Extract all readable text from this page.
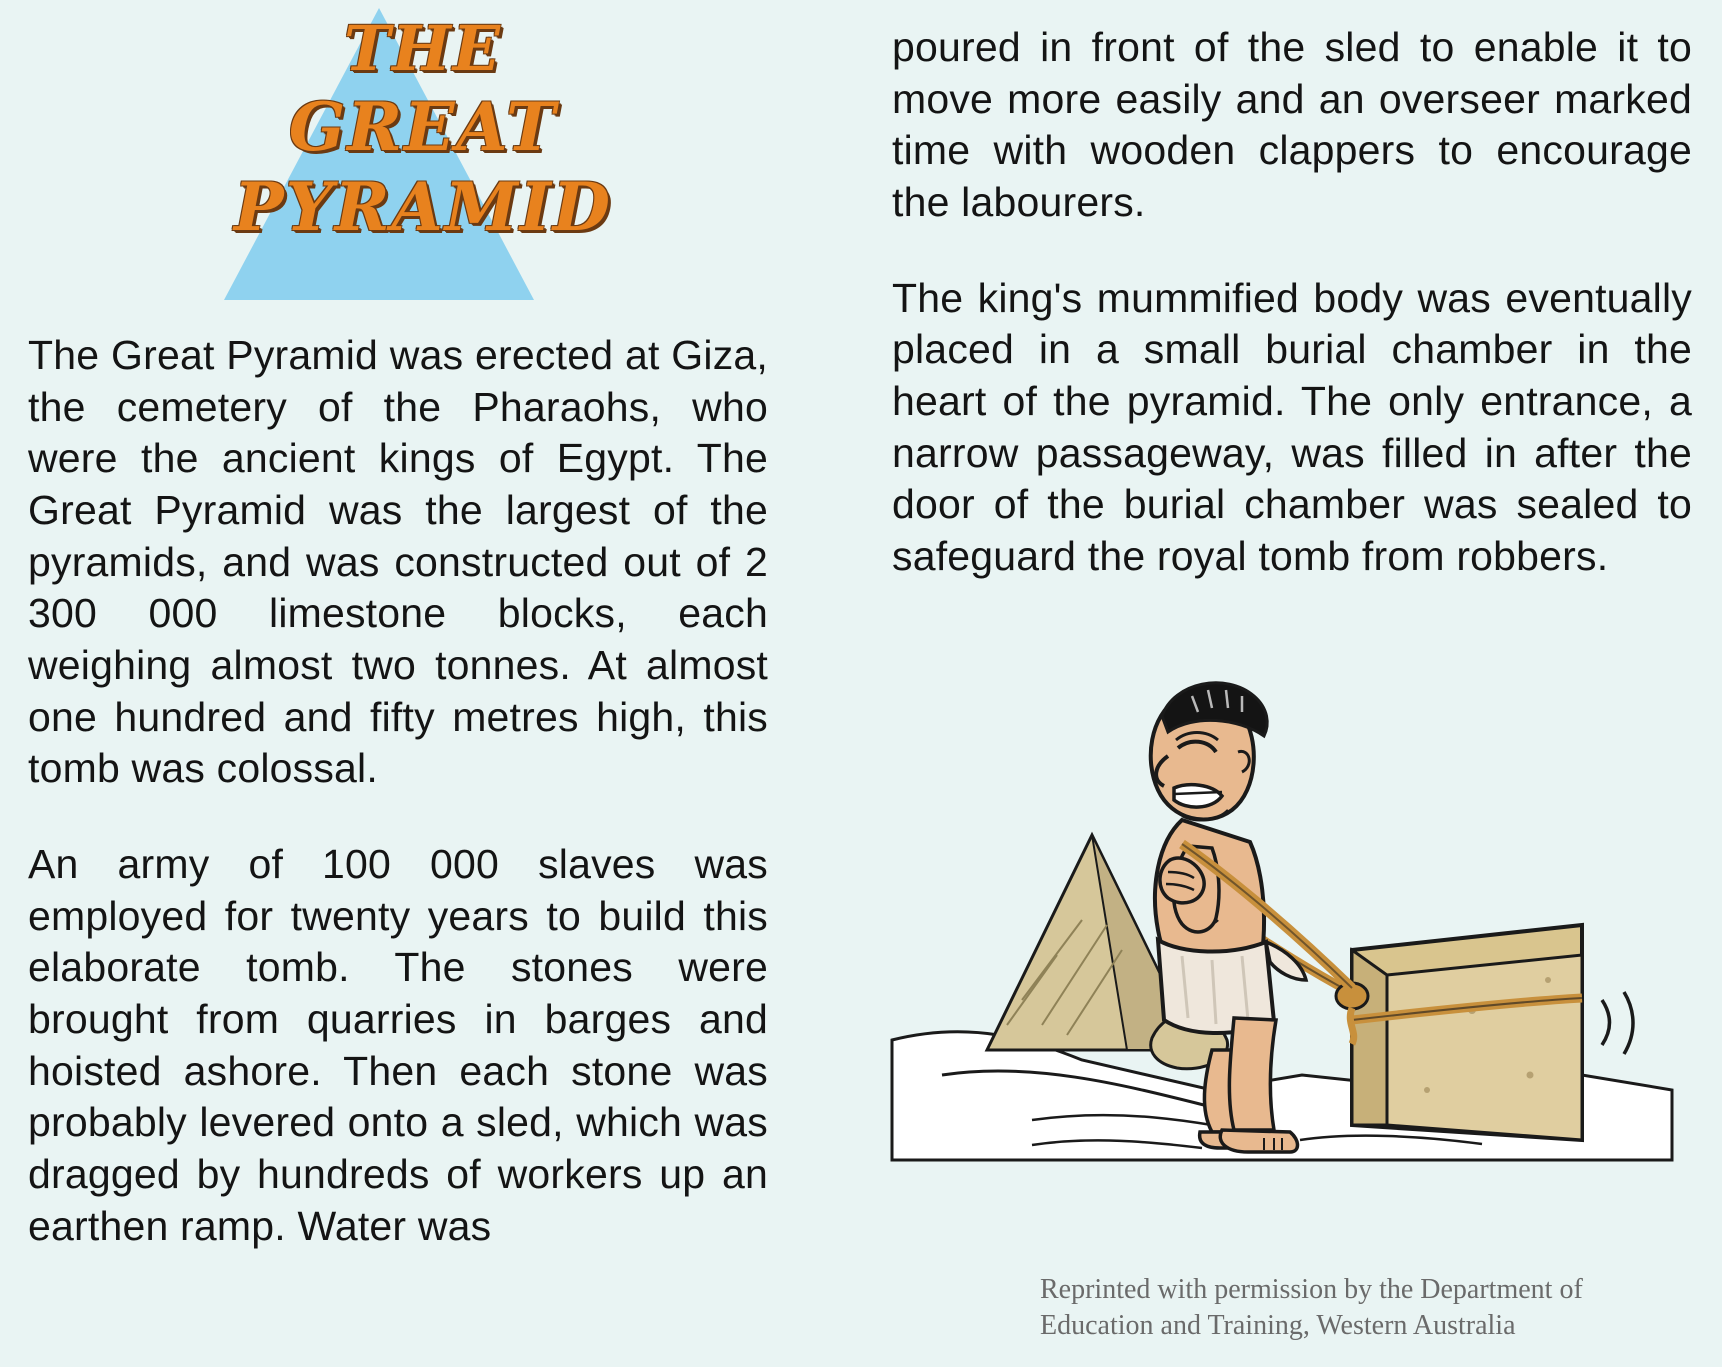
THE
GREAT
PYRAMID

The Great Pyramid was erected at Giza, the cemetery of the Pharaohs, who were the ancient kings of Egypt. The Great Pyramid was the largest of the pyramids, and was constructed out of 2 300 000 limestone blocks, each weighing almost two tonnes. At almost one hundred and fifty metres high, this tomb was colossal.

An army of 100 000 slaves was employed for twenty years to build this elaborate tomb. The stones were brought from quarries in barges and hoisted ashore. Then each stone was probably levered onto a sled, which was dragged by hundreds of workers up an earthen ramp. Water was

poured in front of the sled to enable it to move more easily and an overseer marked time with wooden clappers to encourage the labourers.

The king's mummified body was eventually placed in a small burial chamber in the heart of the pyramid. The only entrance, a narrow passageway, was filled in after the door of the burial chamber was sealed to safeguard the royal tomb from robbers.

Reprinted with permission by the Department of Education and Training, Western Australia
